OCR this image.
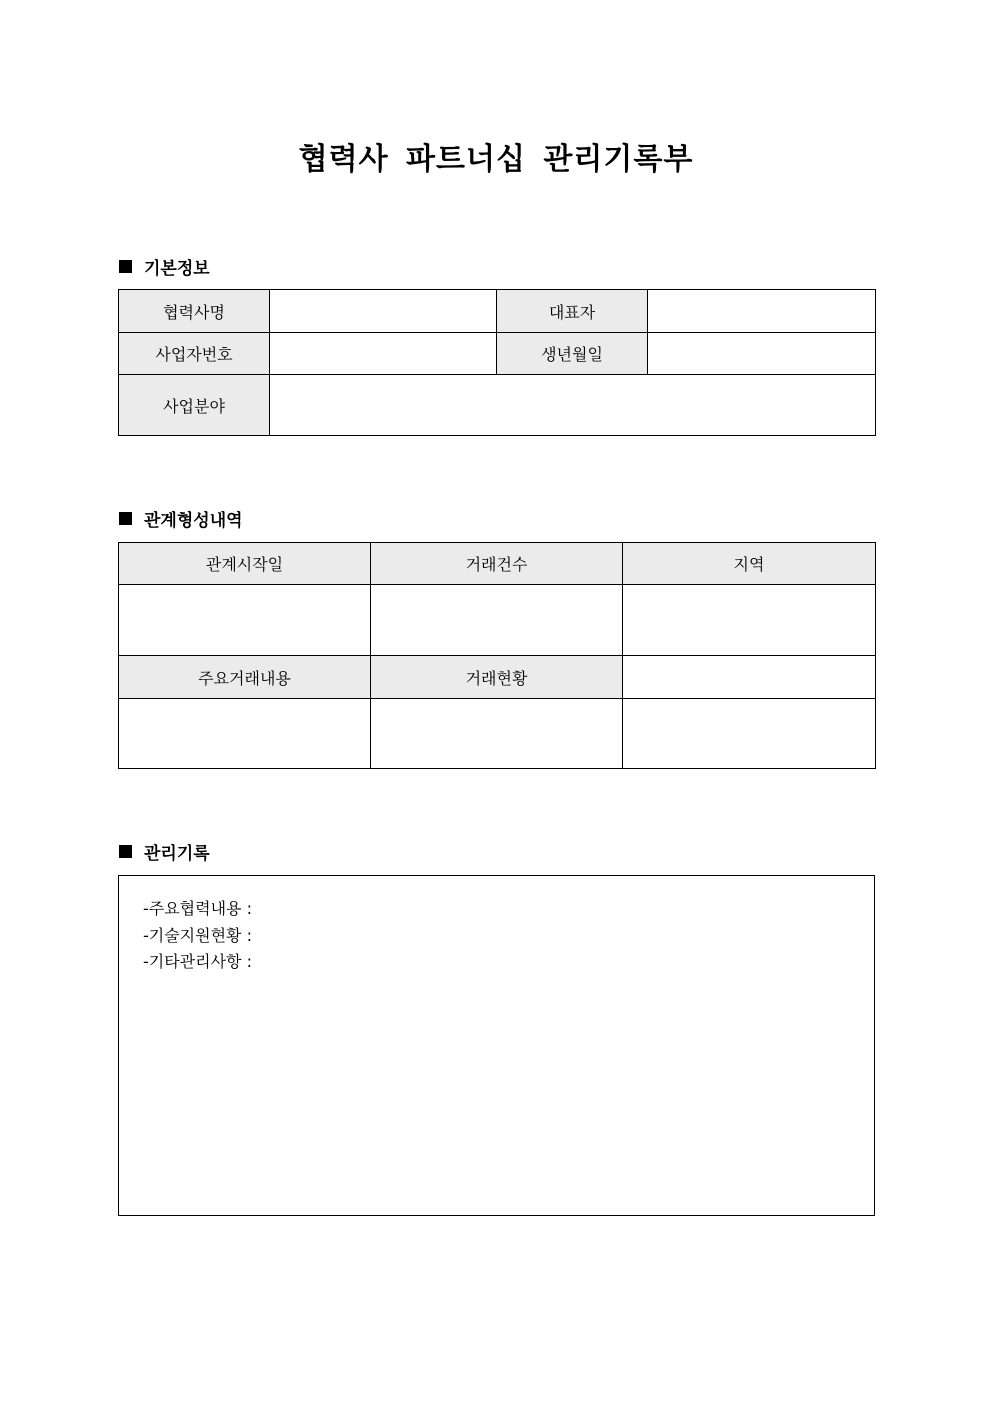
협력사 파트너십 관리기록부
기본정보
협력사명		대표자	
사업자번호		생년월일	
사업분야			
관계형성내역
관계시작일	거래건수	지역

주요거래내용	거래현황	

관리기록
-주요협력내용 :
-기술지원현황 :
-기타관리사항 :
